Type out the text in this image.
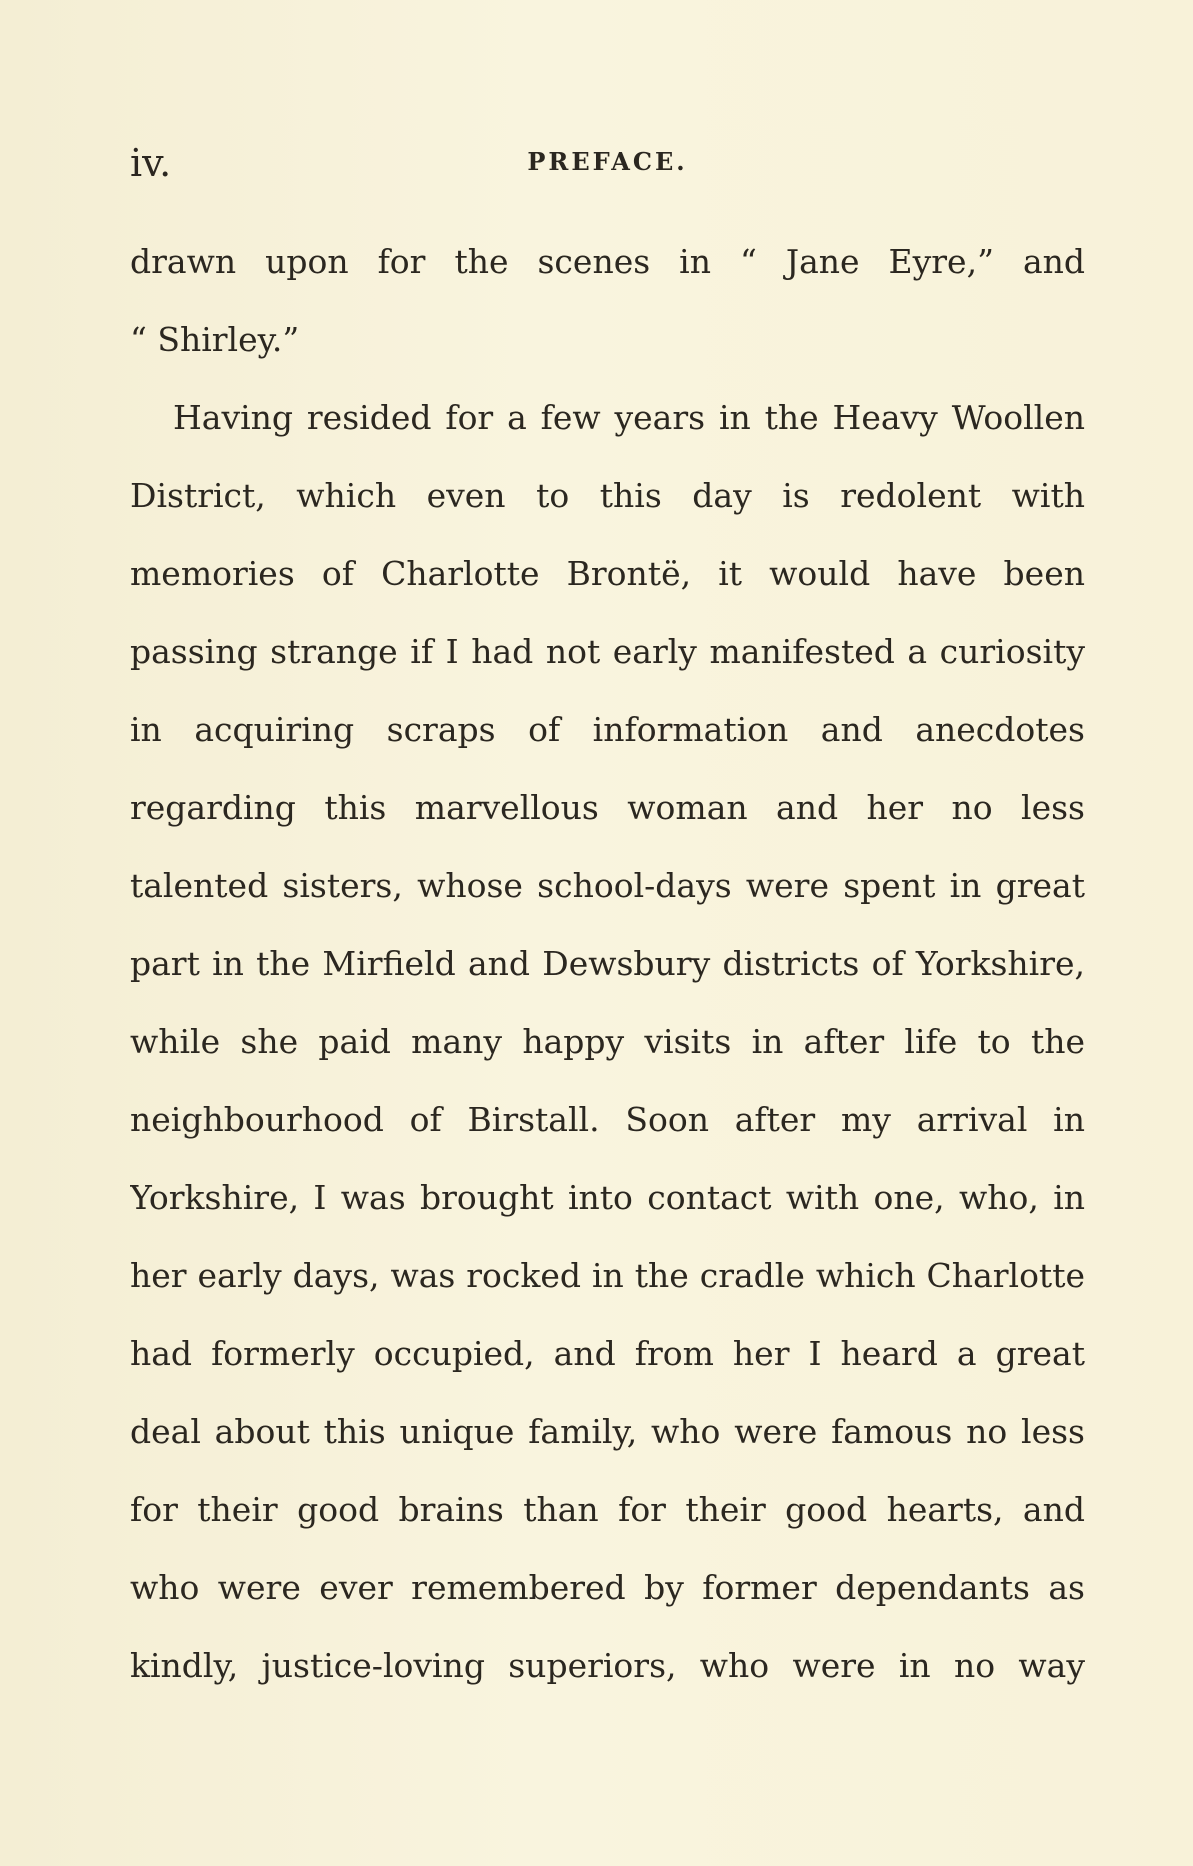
iv.	PREFACE.
drawn upon for the scenes in “ Jane Eyre,” and
“ Shirley.”
Having resided for a few years in the Heavy Woollen
District, which even to this day is redolent with
memories of Charlotte Brontë, it would have been
passing strange if I had not early manifested a curiosity
in acquiring scraps of information and anecdotes
regarding this marvellous woman and her no less
talented sisters, whose school-days were spent in great
part in the Mirfield and Dewsbury districts of Yorkshire,
while she paid many happy visits in after life to the
neighbourhood of Birstall. Soon after my arrival in
Yorkshire, I was brought into contact with one, who, in
her early days, was rocked in the cradle which Charlotte
had formerly occupied, and from her I heard a great
deal about this unique family, who were famous no less
for their good brains than for their good hearts, and
who were ever remembered by former dependants as
kindly, justice-loving superiors, who were in no way
